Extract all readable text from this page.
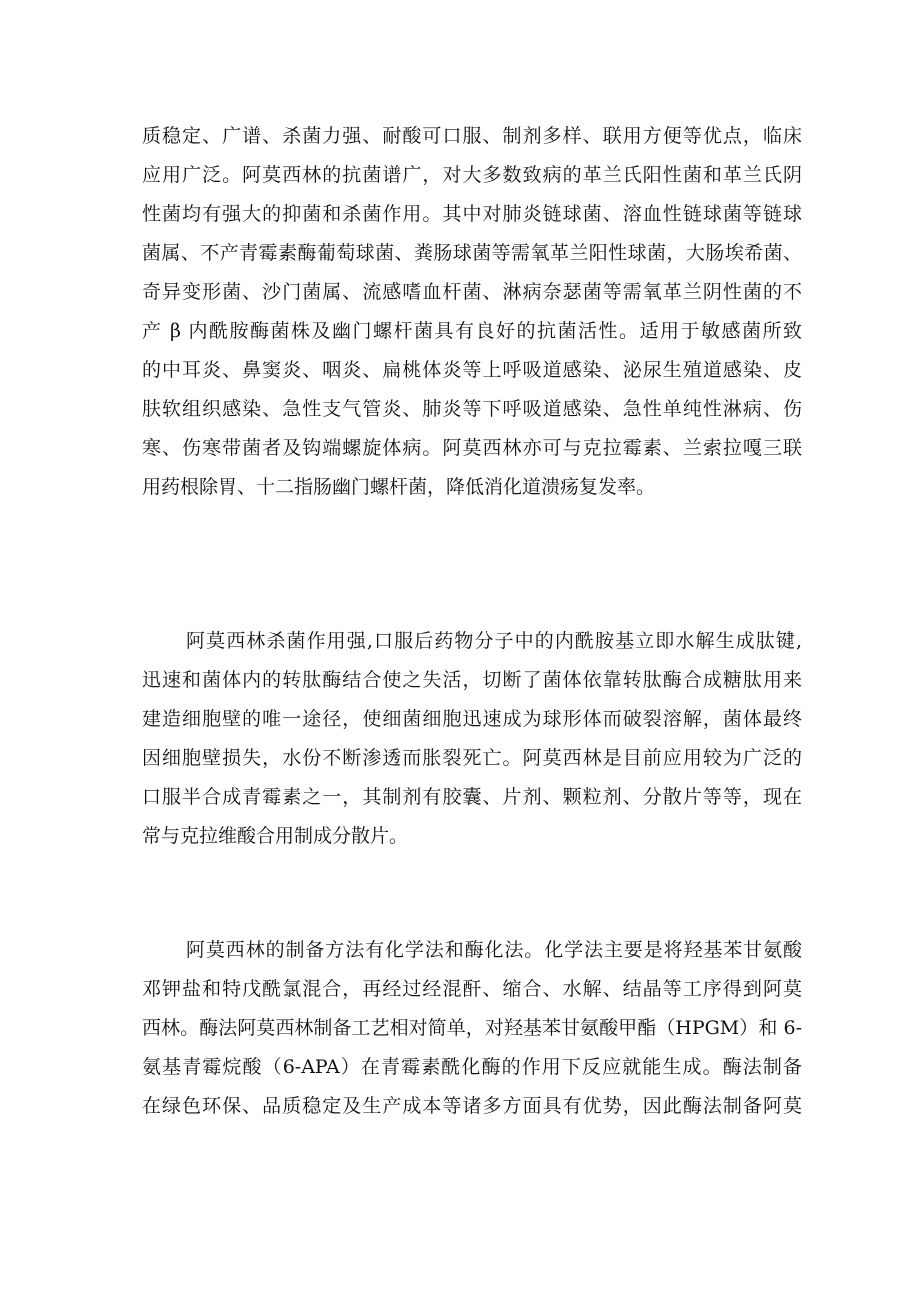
质稳定、广谱、杀菌力强、耐酸可口服、制剂多样、联用方便等优点，临床
应用广泛。阿莫西林的抗菌谱广，对大多数致病的革兰氏阳性菌和革兰氏阴
性菌均有强大的抑菌和杀菌作用。其中对肺炎链球菌、溶血性链球菌等链球
菌属、不产青霉素酶葡萄球菌、粪肠球菌等需氧革兰阳性球菌，大肠埃希菌、
奇异变形菌、沙门菌属、流感嗜血杆菌、淋病奈瑟菌等需氧革兰阴性菌的不
产 β 内酰胺酶菌株及幽门螺杆菌具有良好的抗菌活性。适用于敏感菌所致
的中耳炎、鼻窦炎、咽炎、扁桃体炎等上呼吸道感染、泌尿生殖道感染、皮
肤软组织感染、急性支气管炎、肺炎等下呼吸道感染、急性单纯性淋病、伤
寒、伤寒带菌者及钩端螺旋体病。阿莫西林亦可与克拉霉素、兰索拉嘎三联
用药根除胃、十二指肠幽门螺杆菌，降低消化道溃疡复发率。
阿莫西林杀菌作用强,口服后药物分子中的内酰胺基立即水解生成肽键,
迅速和菌体内的转肽酶结合使之失活，切断了菌体依靠转肽酶合成糖肽用来
建造细胞壁的唯一途径，使细菌细胞迅速成为球形体而破裂溶解，菌体最终
因细胞壁损失，水份不断渗透而胀裂死亡。阿莫西林是目前应用较为广泛的
口服半合成青霉素之一，其制剂有胶囊、片剂、颗粒剂、分散片等等，现在
常与克拉维酸合用制成分散片。
阿莫西林的制备方法有化学法和酶化法。化学法主要是将羟基苯甘氨酸
邓钾盐和特戊酰氯混合，再经过经混酐、缩合、水解、结晶等工序得到阿莫
西林。酶法阿莫西林制备工艺相对简单，对羟基苯甘氨酸甲酯（HPGM）和 6-
氨基青霉烷酸（6-APA）在青霉素酰化酶的作用下反应就能生成。酶法制备
在绿色环保、品质稳定及生产成本等诸多方面具有优势，因此酶法制备阿莫
